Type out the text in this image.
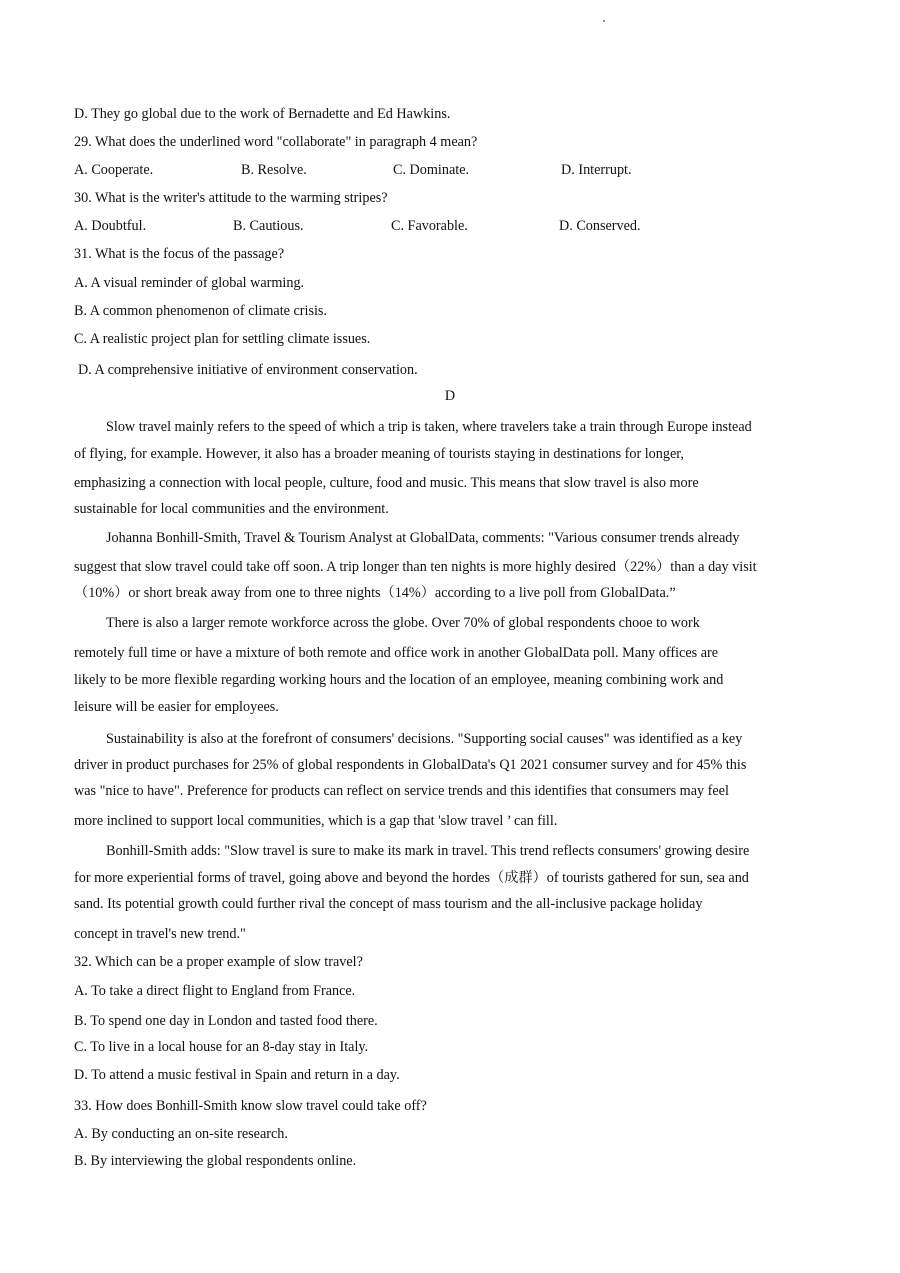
D. They go global due to the work of Bernadette and Ed Hawkins.
29. What does the underlined word "collaborate" in paragraph 4 mean?
A. Cooperate.	B. Resolve.	C. Dominate.	D. Interrupt.
30. What is the writer's attitude to the warming stripes?
A. Doubtful.	B. Cautious.	C. Favorable.	D. Conserved.
31. What is the focus of the passage?
A. A visual reminder of global warming.
B. A common phenomenon of climate crisis.
C. A realistic project plan for settling climate issues.
D. A comprehensive initiative of environment conservation.
D
Slow travel mainly refers to the speed of which a trip is taken, where travelers take a train through Europe instead
of flying, for example. However, it also has a broader meaning of tourists staying in destinations for longer,
emphasizing a connection with local people, culture, food and music. This means that slow travel is also more
sustainable for local communities and the environment.
Johanna Bonhill-Smith, Travel & Tourism Analyst at GlobalData, comments: "Various consumer trends already
suggest that slow travel could take off soon. A trip longer than ten nights is more highly desired（22%）than a day visit
（10%）or short break away from one to three nights（14%）according to a live poll from GlobalData.”
There is also a larger remote workforce across the globe. Over 70% of global respondents chooe to work
remotely full time or have a mixture of both remote and office work in another GlobalData poll. Many offices are
likely to be more flexible regarding working hours and the location of an employee, meaning combining work and
leisure will be easier for employees.
Sustainability is also at the forefront of consumers' decisions. "Supporting social causes" was identified as a key
driver in product purchases for 25% of global respondents in GlobalData's Q1 2021 consumer survey and for 45% this
was "nice to have". Preference for products can reflect on service trends and this identifies that consumers may feel
more inclined to support local communities, which is a gap that 'slow travel ’ can fill.
Bonhill-Smith adds: "Slow travel is sure to make its mark in travel. This trend reflects consumers' growing desire
for more experiential forms of travel, going above and beyond the hordes（成群）of tourists gathered for sun, sea and
sand. Its potential growth could further rival the concept of mass tourism and the all-inclusive package holiday
concept in travel's new trend."
32. Which can be a proper example of slow travel?
A. To take a direct flight to England from France.
B. To spend one day in London and tasted food there.
C. To live in a local house for an 8-day stay in Italy.
D. To attend a music festival in Spain and return in a day.
33. How does Bonhill-Smith know slow travel could take off?
A. By conducting an on-site research.
B. By interviewing the global respondents online.
